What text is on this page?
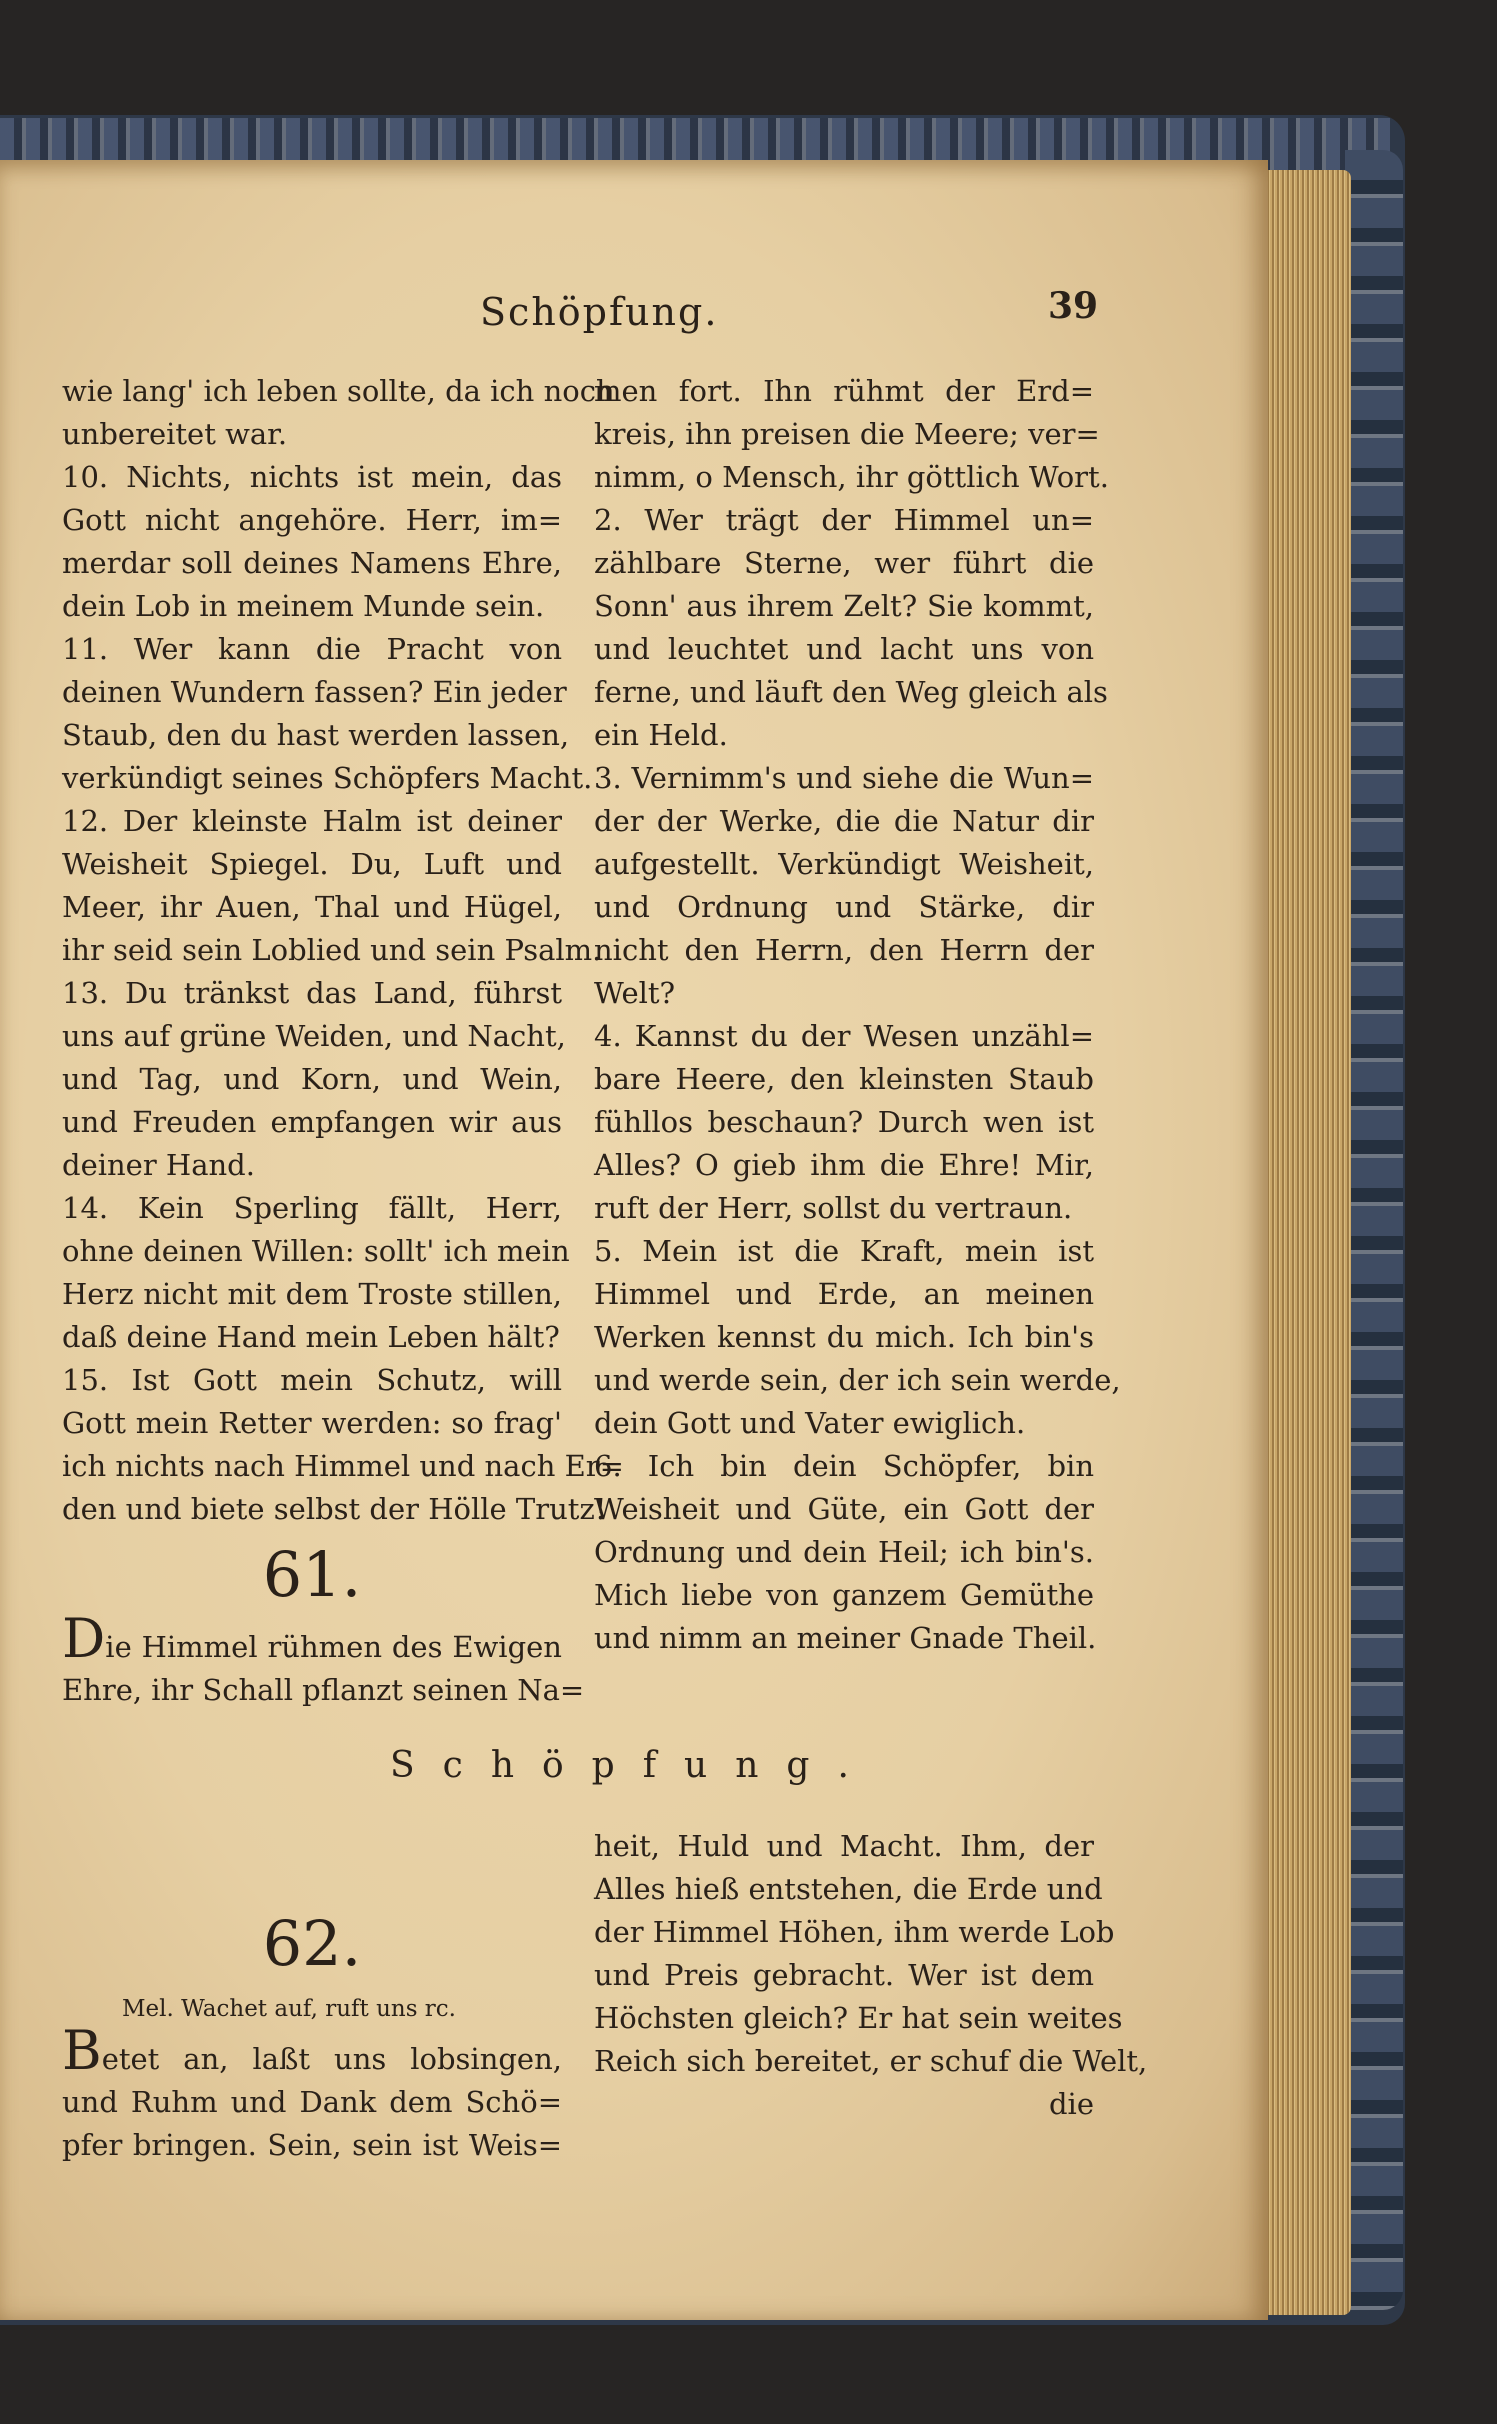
Schöpfung.	39
wie lang' ich leben sollte, da ich noch
unbereitet war.
10. Nichts, nichts ist mein, das
Gott nicht angehöre. Herr, im=
merdar soll deines Namens Ehre,
dein Lob in meinem Munde sein.
11. Wer kann die Pracht von
deinen Wundern fassen? Ein jeder
Staub, den du hast werden lassen,
verkündigt seines Schöpfers Macht.
12. Der kleinste Halm ist deiner
Weisheit Spiegel. Du, Luft und
Meer, ihr Auen, Thal und Hügel,
ihr seid sein Loblied und sein Psalm.
13. Du tränkst das Land, führst
uns auf grüne Weiden, und Nacht,
und Tag, und Korn, und Wein,
und Freuden empfangen wir aus
deiner Hand.
14. Kein Sperling fällt, Herr,
ohne deinen Willen: sollt' ich mein
Herz nicht mit dem Troste stillen,
daß deine Hand mein Leben hält?
15. Ist Gott mein Schutz, will
Gott mein Retter werden: so frag'
ich nichts nach Himmel und nach Er=
den und biete selbst der Hölle Trutz!
61.
Die Himmel rühmen des Ewigen
Ehre, ihr Schall pflanzt seinen Na=
men fort. Ihn rühmt der Erd=
kreis, ihn preisen die Meere; ver=
nimm, o Mensch, ihr göttlich Wort.
2. Wer trägt der Himmel un=
zählbare Sterne, wer führt die
Sonn' aus ihrem Zelt? Sie kommt,
und leuchtet und lacht uns von
ferne, und läuft den Weg gleich als
ein Held.
3. Vernimm's und siehe die Wun=
der der Werke, die die Natur dir
aufgestellt. Verkündigt Weisheit,
und Ordnung und Stärke, dir
nicht den Herrn, den Herrn der
Welt?
4. Kannst du der Wesen unzähl=
bare Heere, den kleinsten Staub
fühllos beschaun? Durch wen ist
Alles? O gieb ihm die Ehre! Mir,
ruft der Herr, sollst du vertraun.
5. Mein ist die Kraft, mein ist
Himmel und Erde, an meinen
Werken kennst du mich. Ich bin's
und werde sein, der ich sein werde,
dein Gott und Vater ewiglich.
6. Ich bin dein Schöpfer, bin
Weisheit und Güte, ein Gott der
Ordnung und dein Heil; ich bin's.
Mich liebe von ganzem Gemüthe
und nimm an meiner Gnade Theil.
Schöpfung.
62.
Mel. Wachet auf, ruft uns rc.
Betet an, laßt uns lobsingen,
und Ruhm und Dank dem Schö=
pfer bringen. Sein, sein ist Weis=
heit, Huld und Macht. Ihm, der
Alles hieß entstehen, die Erde und
der Himmel Höhen, ihm werde Lob
und Preis gebracht. Wer ist dem
Höchsten gleich? Er hat sein weites
Reich sich bereitet, er schuf die Welt,
die
